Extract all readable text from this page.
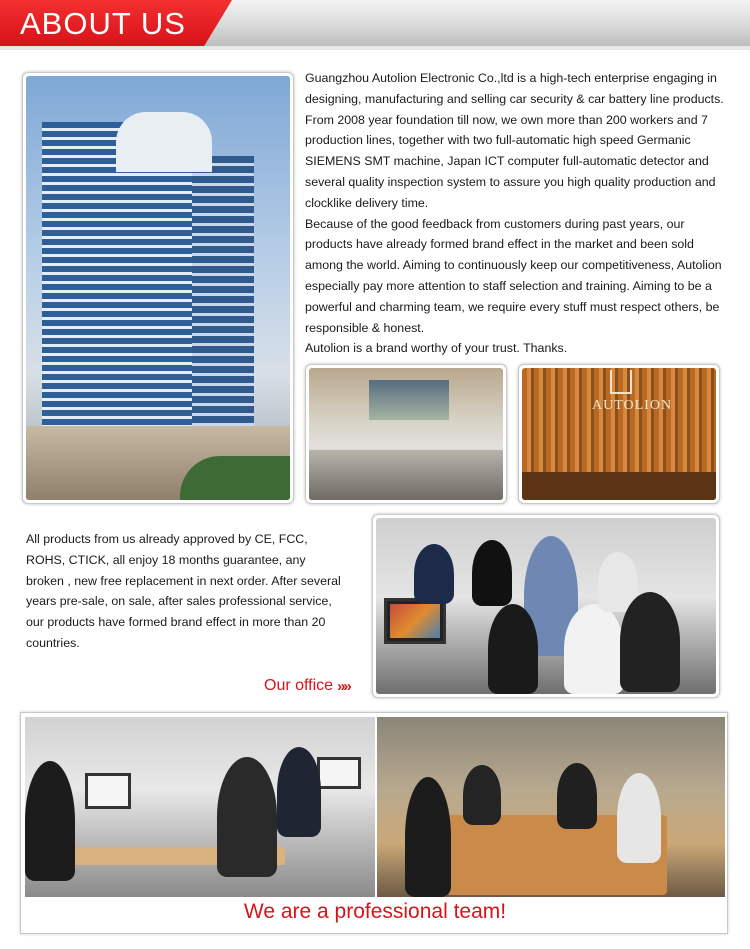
ABOUT US

Guangzhou Autolion Electronic Co.,ltd is a high-tech enterprise engaging in designing, manufacturing and selling car security & car battery line products. From 2008 year foundation till now, we own more than 200 workers and 7 production lines, together with two full-automatic high speed Germanic SIEMENS SMT machine, Japan ICT computer full-automatic detector and several quality inspection system to assure you high quality production and clocklike delivery time.

Because of the good feedback from customers during past years, our products have already formed brand effect in the market and been sold among the world. Aiming to continuously keep our competitiveness, Autolion especially pay more attention to staff selection and training. Aiming to be a powerful and charming team, we require every stuff must respect others, be responsible & honest.

Autolion is a brand worthy of your trust. Thanks.

AUTOLION
All products from us already approved by CE, FCC, ROHS, CTICK, all enjoy 18 months guarantee, any broken , new free replacement in next order. After several years pre-sale, on sale, after sales professional service, our products have formed brand effect in more than 20 countries.
Our office »»
We are a professional team!
